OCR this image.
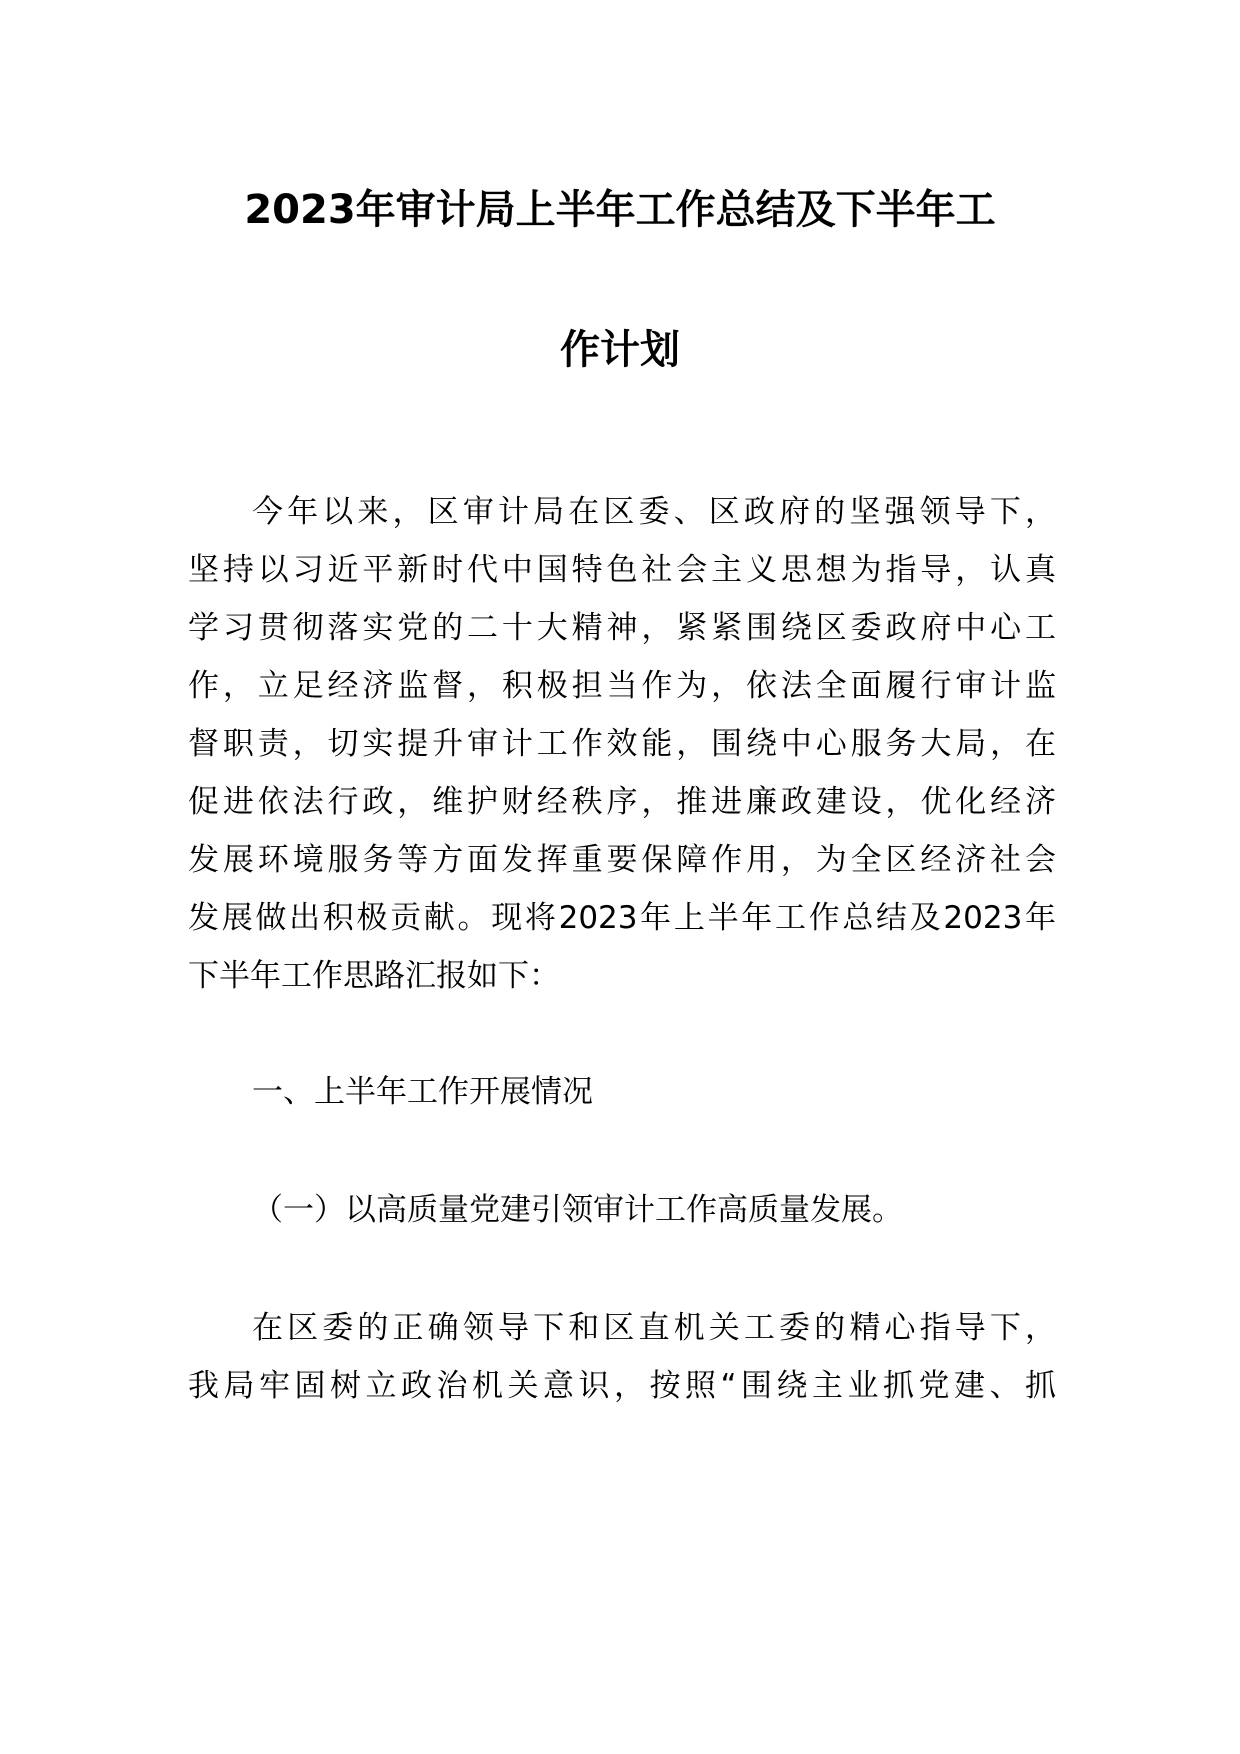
2023年审计局上半年工作总结及下半年工
作计划
今年以来，区审计局在区委、区政府的坚强领导下，
坚持以习近平新时代中国特色社会主义思想为指导，认真
学习贯彻落实党的二十大精神，紧紧围绕区委政府中心工
作，立足经济监督，积极担当作为，依法全面履行审计监
督职责，切实提升审计工作效能，围绕中心服务大局，在
促进依法行政，维护财经秩序，推进廉政建设，优化经济
发展环境服务等方面发挥重要保障作用，为全区经济社会
发展做出积极贡献。现将2023年上半年工作总结及2023年
下半年工作思路汇报如下：
一、上半年工作开展情况
（一）以高质量党建引领审计工作高质量发展。
在区委的正确领导下和区直机关工委的精心指导下，
我局牢固树立政治机关意识，按照“围绕主业抓党建、抓
